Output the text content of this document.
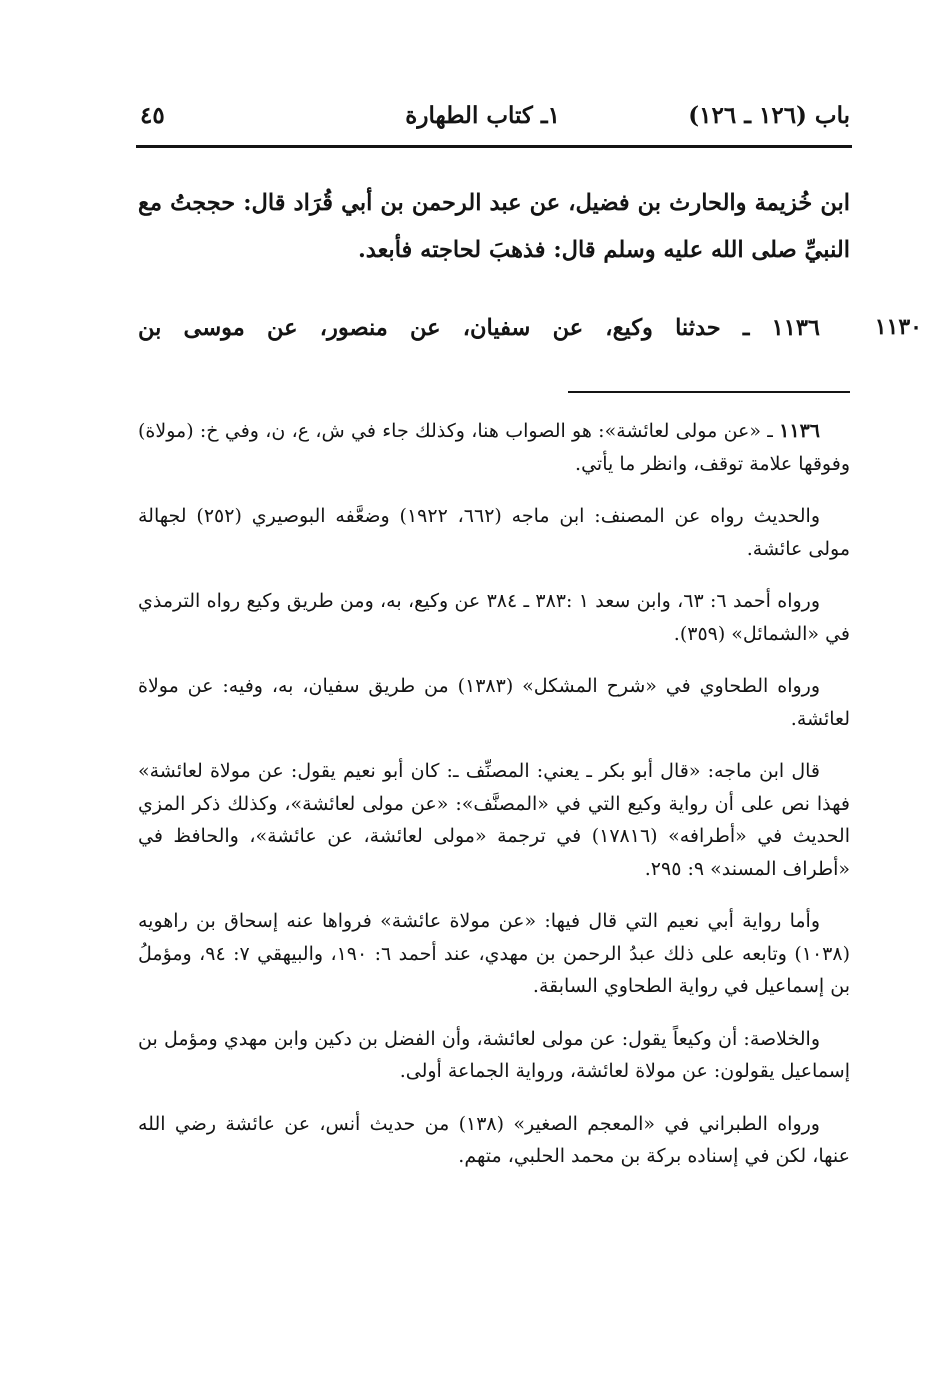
باب (١٢٦ ـ ١٢٦)
١ـ كتاب الطهارة
٤٥

ابن خُزيمة والحارث بن فضيل، عن عبد الرحمن بن أبي قُرَاد قال: حججتُ مع النبيِّ صلى الله عليه وسلم قال: فذهبَ لحاجته فأبعد.

١١٣٠
١١٣٦ ـ حدثنا وكيع، عن سفيان، عن منصور، عن موسى بن

١١٣٦ ـ «عن مولى لعائشة»: هو الصواب هنا، وكذلك جاء في ش، ع، ن، وفي خ: (مولاة) وفوقها علامة توقف، وانظر ما يأتي.

والحديث رواه عن المصنف: ابن ماجه (٦٦٢، ١٩٢٢) وضعَّفه البوصيري (٢٥٢) لجهالة مولى عائشة.

ورواه أحمد ٦: ٦٣، وابن سعد ١ :٣٨٣ ـ ٣٨٤ عن وكيع، به، ومن طريق وكيع رواه الترمذي في «الشمائل» (٣٥٩).

ورواه الطحاوي في «شرح المشكل» (١٣٨٣) من طريق سفيان، به، وفيه: عن مولاة لعائشة.

قال ابن ماجه: «قال أبو بكر ـ يعني: المصنِّف ـ: كان أبو نعيم يقول: عن مولاة لعائشة» فهذا نص على أن رواية وكيع التي في «المصنَّف»: «عن مولى لعائشة»، وكذلك ذكر المزي الحديث في «أطرافه» (١٧٨١٦) في ترجمة «مولى لعائشة، عن عائشة»، والحافظ في «أطراف المسند» ٩: ٢٩٥.

وأما رواية أبي نعيم التي قال فيها: «عن مولاة عائشة» فرواها عنه إسحاق بن راهويه (١٠٣٨) وتابعه على ذلك عبدُ الرحمن بن مهدي، عند أحمد ٦: ١٩٠، والبيهقي ٧: ٩٤، ومؤملُ بن إسماعيل في رواية الطحاوي السابقة.

والخلاصة: أن وكيعاً يقول: عن مولى لعائشة، وأن الفضل بن دكين وابن مهدي ومؤمل بن إسماعيل يقولون: عن مولاة لعائشة، ورواية الجماعة أولى.

ورواه الطبراني في «المعجم الصغير» (١٣٨) من حديث أنس، عن عائشة رضي الله عنها، لكن في إسناده بركة بن محمد الحلبي، متهم.
